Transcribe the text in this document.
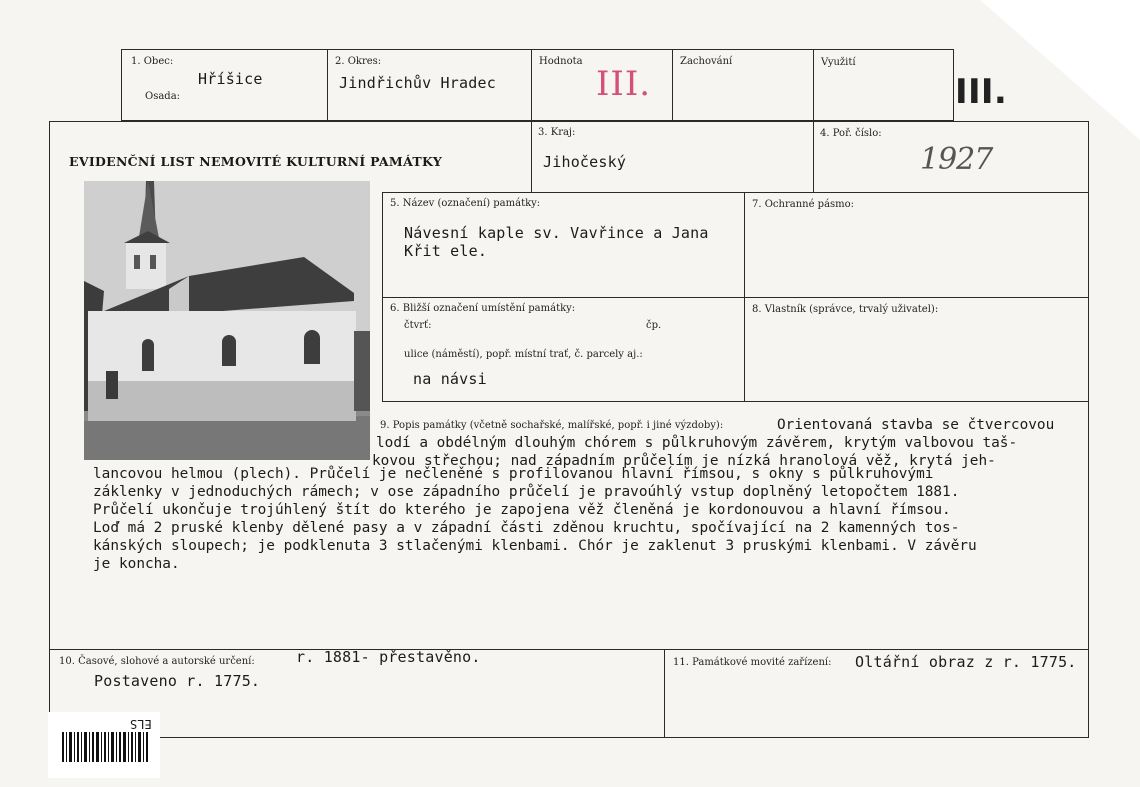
1. Obec:
Hříšice
Osada:
2. Okres:
Jindřichův Hradec
Hodnota
III.
Zachování	Využití
III.
EVIDENČNÍ LIST NEMOVITÉ KULTURNÍ PAMÁTKY
3. Kraj:
Jihočeský
4. Poř. číslo:
1927
5. Název (označení) památky:
Návesní kaple sv. Vavřince a Jana
Křit ele.
7. Ochranné pásmo:
6. Bližší označení umístění památky:
čtvrť:	čp.
ulice (náměstí), popř. místní trať, č. parcely aj.:
na návsi
8. Vlastník (správce, trvalý uživatel):
9. Popis památky (včetně sochařské, malířské, popř. i jiné výzdoby):	Orientovaná stavba se čtvercovou
lodí a obdélným dlouhým chórem s půlkruhovým závěrem, krytým valbovou taš-
kovou střechou; nad západním průčelím je nízká hranolová věž, krytá jeh-
lancovou helmou (plech). Průčelí je nečleněné s profilovanou hlavní římsou, s okny s půlkruhovými
záklenky v jednoduchých rámech; v ose západního průčelí je pravoúhlý vstup doplněný letopočtem 1881.
Průčelí ukončuje trojúhlený štít do kterého je zapojena věž členěná je kordonouvou a hlavní římsou.
Loď má 2 pruské klenby dělené pasy a v západní části zděnou kruchtu, spočívající na 2 kamenných tos-
kánských sloupech; je podklenuta 3 stlačenými klenbami. Chór je zaklenut 3 pruskými klenbami. V závěru
je koncha.
10. Časové, slohové a autorské určení:	r. 1881- přestavěno.
Postaveno r. 1775.
11. Památkové movité zařízení: Oltářní obraz z r. 1775.
ELS
